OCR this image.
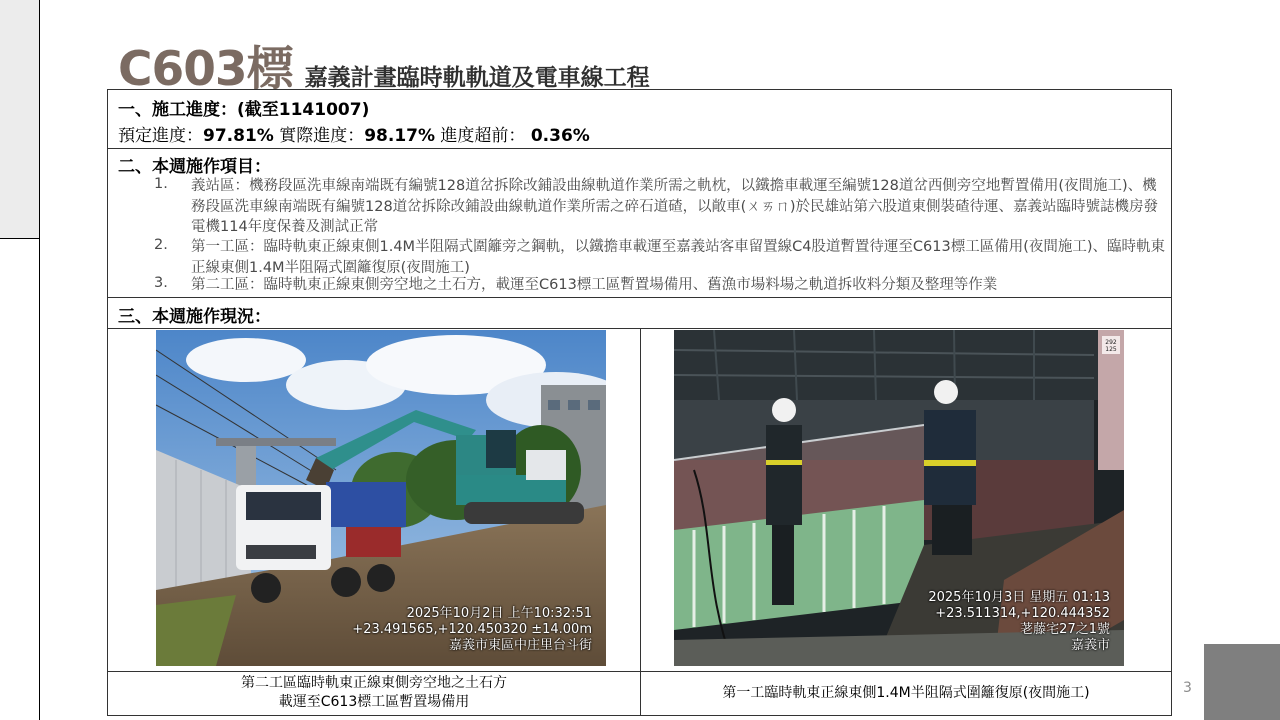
3
C603標 嘉義計畫臨時軌軌道及電車線工程
一、施工進度：(截至1141007)
預定進度：97.81% 實際進度：98.17% 進度超前： 0.36%
二、本週施作項目：
1. 義站區：機務段區洗車線南端既有編號128道岔拆除改鋪設曲線軌道作業所需之軌枕，以鐵擔車載運至編號128道岔西側旁空地暫置備用(夜間施工)、機務段區洗車線南端既有編號128道岔拆除改鋪設曲線軌道作業所需之碎石道碴，以敞車(ㄨㄞㄇ)於民雄站第六股道東側裝碴待運、嘉義站臨時號誌機房發電機114年度保養及測試正常
2. 第一工區：臨時軌東正線東側1.4M半阻隔式圍籬旁之鋼軌，以鐵擔車載運至嘉義站客車留置線C4股道暫置待運至C613標工區備用(夜間施工)、臨時軌東正線東側1.4M半阻隔式圍籬復原(夜間施工)
3. 第二工區：臨時軌東正線東側旁空地之土石方，載運至C613標工區暫置場備用、舊漁市場料場之軌道拆收料分類及整理等作業
三、本週施作現況：
2025年10月2日 上午10:32:51
+23.491565,+120.450320 ±14.00m
嘉義市東區中庄里台斗街
292
125
2025年10月3日 星期五 01:13
+23.511314,+120.444352
荖藤宅27之1號
嘉義市
第二工區臨時軌東正線東側旁空地之土石方
載運至C613標工區暫置場備用
第一工臨時軌東正線東側1.4M半阻隔式圍籬復原(夜間施工)
